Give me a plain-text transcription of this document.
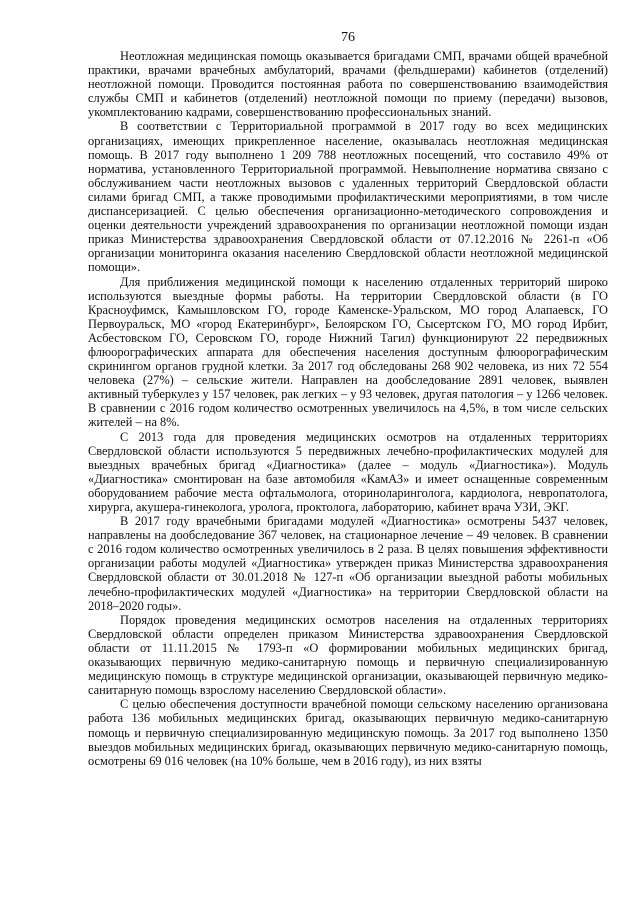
76

Неотложная медицинская помощь оказывается бригадами СМП, врачами общей врачебной практики, врачами врачебных амбулаторий, врачами (фельдшерами) кабинетов (отделений) неотложной помощи. Проводится постоянная работа по совершенствованию взаимодействия службы СМП и кабинетов (отделений) неотложной помощи по приему (передачи) вызовов, укомплектованию кадрами, совершенствованию профессиональных знаний.

В соответствии с Территориальной программой в 2017 году во всех медицинских организациях, имеющих прикрепленное население, оказывалась неотложная медицинская помощь. В 2017 году выполнено 1 209 788 неотложных посещений, что составило 49% от норматива, установленного Территориальной программой. Невыполнение норматива связано с обслуживанием части неотложных вызовов с удаленных территорий Свердловской области силами бригад СМП, а также проводимыми профилактическими мероприятиями, в том числе диспансеризацией. С целью обеспечения организационно-методического сопровождения и оценки деятельности учреждений здравоохранения по организации неотложной помощи издан приказ Министерства здравоохранения Свердловской области от 07.12.2016 № 2261-п «Об организации мониторинга оказания населению Свердловской области неотложной медицинской помощи».

Для приближения медицинской помощи к населению отдаленных территорий широко используются выездные формы работы. На территории Свердловской области (в ГО Красноуфимск, Камышловском ГО, городе Каменске-Уральском, МО город Алапаевск, ГО Первоуральск, МО «город Екатеринбург», Белоярском ГО, Сысертском ГО, МО город Ирбит, Асбестовском ГО, Серовском ГО, городе Нижний Тагил) функционируют 22 передвижных флюорографических аппарата для обеспечения населения доступным флюорографическим скринингом органов грудной клетки. За 2017 год обследованы 268 902 человека, из них 72 554 человека (27%) – сельские жители. Направлен на дообследование 2891 человек, выявлен активный туберкулез у 157 человек, рак легких – у 93 человек, другая патология – у 1266 человек. В сравнении с 2016 годом количество осмотренных увеличилось на 4,5%, в том числе сельских жителей – на 8%.

С 2013 года для проведения медицинских осмотров на отдаленных территориях Свердловской области используются 5 передвижных лечебно-профилактических модулей для выездных врачебных бригад «Диагностика» (далее – модуль «Диагностика»). Модуль «Диагностика» смонтирован на базе автомобиля «КамАЗ» и имеет оснащенные современным оборудованием рабочие места офтальмолога, оториноларинголога, кардиолога, невропатолога, хирурга, акушера-гинеколога, уролога, проктолога, лабораторию, кабинет врача УЗИ, ЭКГ.

В 2017 году врачебными бригадами модулей «Диагностика» осмотрены 5437 человек, направлены на дообследование 367 человек, на стационарное лечение – 49 человек. В сравнении с 2016 годом количество осмотренных увеличилось в 2 раза. В целях повышения эффективности организации работы модулей «Диагностика» утвержден приказ Министерства здравоохранения Свердловской области от 30.01.2018 № 127-п «Об организации выездной работы мобильных лечебно-профилактических модулей «Диагностика» на территории Свердловской области на 2018–2020 годы».

Порядок проведения медицинских осмотров населения на отдаленных территориях Свердловской области определен приказом Министерства здравоохранения Свердловской области от 11.11.2015 № 1793-п «О формировании мобильных медицинских бригад, оказывающих первичную медико-санитарную помощь и первичную специализированную медицинскую помощь в структуре медицинской организации, оказывающей первичную медико-санитарную помощь взрослому населению Свердловской области».

С целью обеспечения доступности врачебной помощи сельскому населению организована работа 136 мобильных медицинских бригад, оказывающих первичную медико-санитарную помощь и первичную специализированную медицинскую помощь. За 2017 год выполнено 1350 выездов мобильных медицинских бригад, оказывающих первичную медико-санитарную помощь, осмотрены 69 016 человек (на 10% больше, чем в 2016 году), из них взяты
